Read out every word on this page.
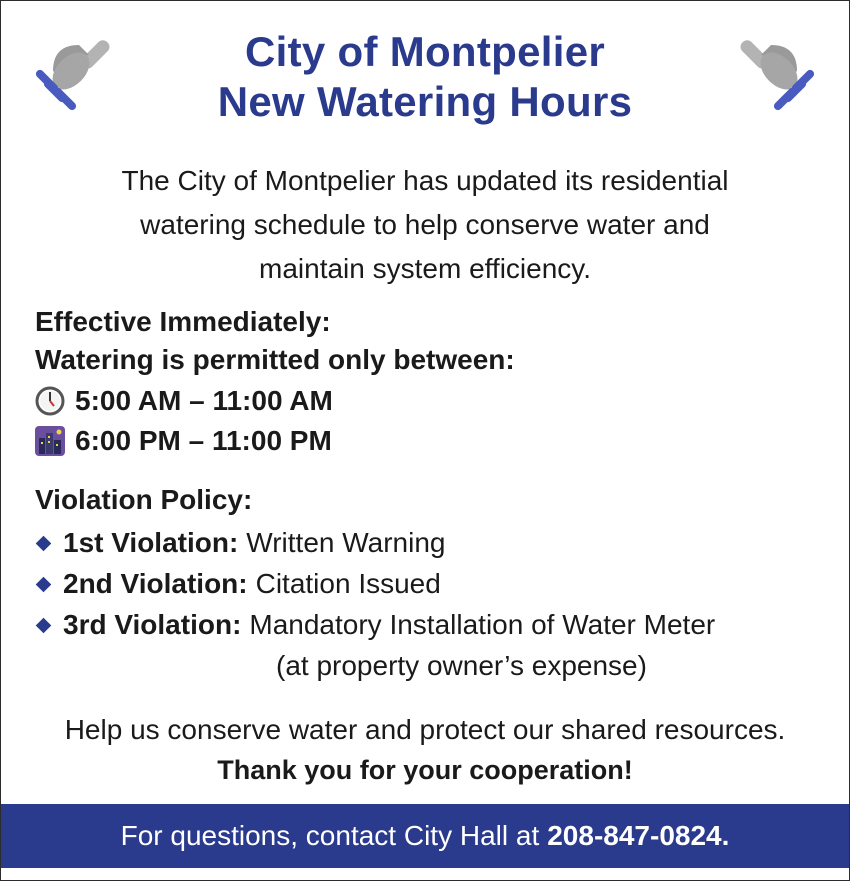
City of Montpelier
New Watering Hours
The City of Montpelier has updated its residential
watering schedule to help conserve water and
maintain system efficiency.
Effective Immediately:
Watering is permitted only between:
5:00 AM – 11:00 AM
6:00 PM – 11:00 PM
Violation Policy:
1st Violation: Written Warning
2nd Violation: Citation Issued
3rd Violation: Mandatory Installation of Water Meter
(at property owner’s expense)
Help us conserve water and protect our shared resources.
Thank you for your cooperation!
For questions, contact City Hall at 208-847-0824.
